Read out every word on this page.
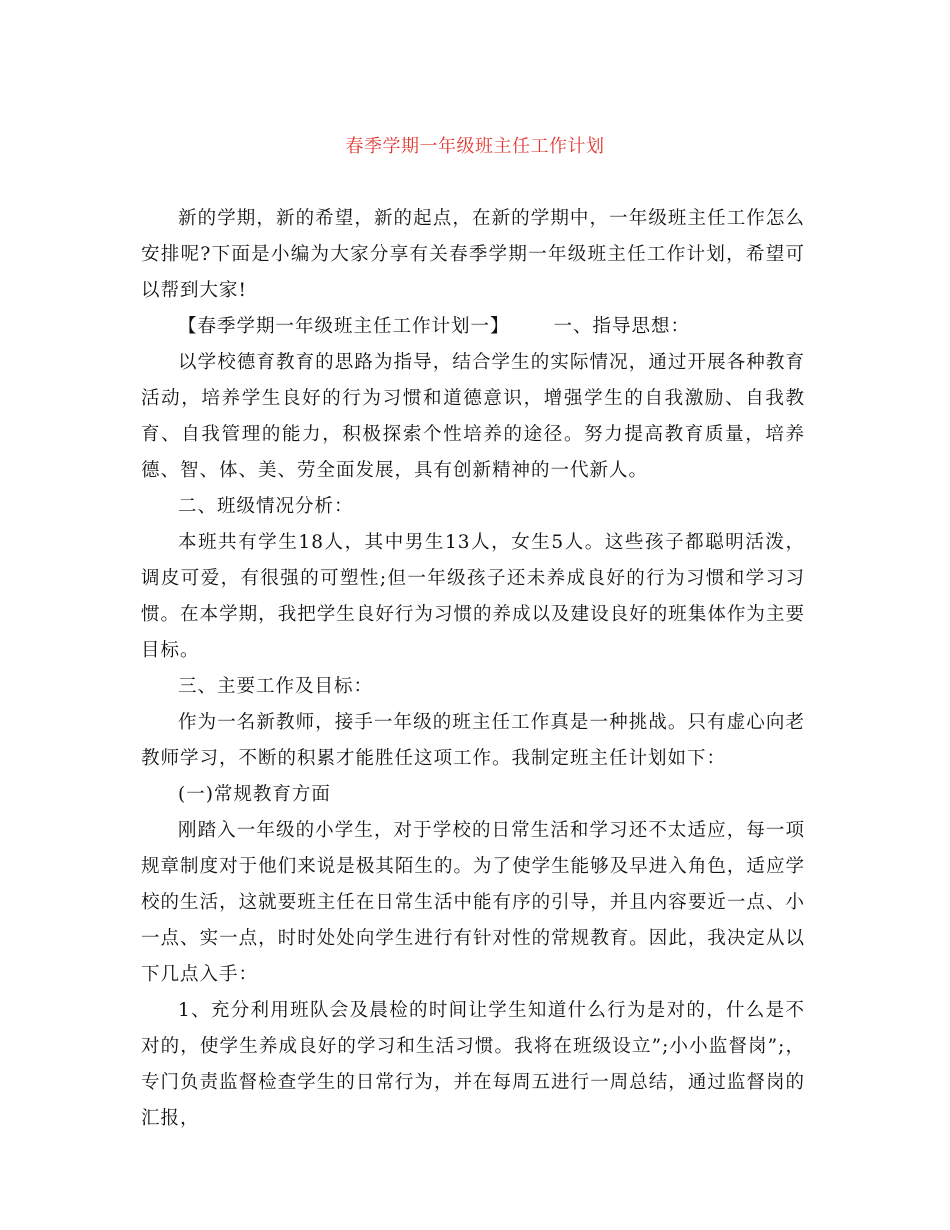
春季学期一年级班主任工作计划

新的学期，新的希望，新的起点，在新的学期中，一年级班主任工作怎么安排呢?下面是小编为大家分享有关春季学期一年级班主任工作计划，希望可以帮到大家!

【春季学期一年级班主任工作计划一】 一、指导思想：

以学校德育教育的思路为指导，结合学生的实际情况，通过开展各种教育活动，培养学生良好的行为习惯和道德意识，增强学生的自我激励、自我教育、自我管理的能力，积极探索个性培养的途径。努力提高教育质量，培养德、智、体、美、劳全面发展，具有创新精神的一代新人。

二、班级情况分析：

本班共有学生18人，其中男生13人，女生5人。这些孩子都聪明活泼，调皮可爱，有很强的可塑性;但一年级孩子还未养成良好的行为习惯和学习习惯。在本学期，我把学生良好行为习惯的养成以及建设良好的班集体作为主要目标。

三、主要工作及目标：

作为一名新教师，接手一年级的班主任工作真是一种挑战。只有虚心向老教师学习，不断的积累才能胜任这项工作。我制定班主任计划如下：

(一)常规教育方面

刚踏入一年级的小学生，对于学校的日常生活和学习还不太适应，每一项规章制度对于他们来说是极其陌生的。为了使学生能够及早进入角色，适应学校的生活，这就要班主任在日常生活中能有序的引导，并且内容要近一点、小一点、实一点，时时处处向学生进行有针对性的常规教育。因此，我决定从以下几点入手：

1、充分利用班队会及晨检的时间让学生知道什么行为是对的，什么是不对的，使学生养成良好的学习和生活习惯。我将在班级设立”;小小监督岗”;，专门负责监督检查学生的日常行为，并在每周五进行一周总结，通过监督岗的汇报，
